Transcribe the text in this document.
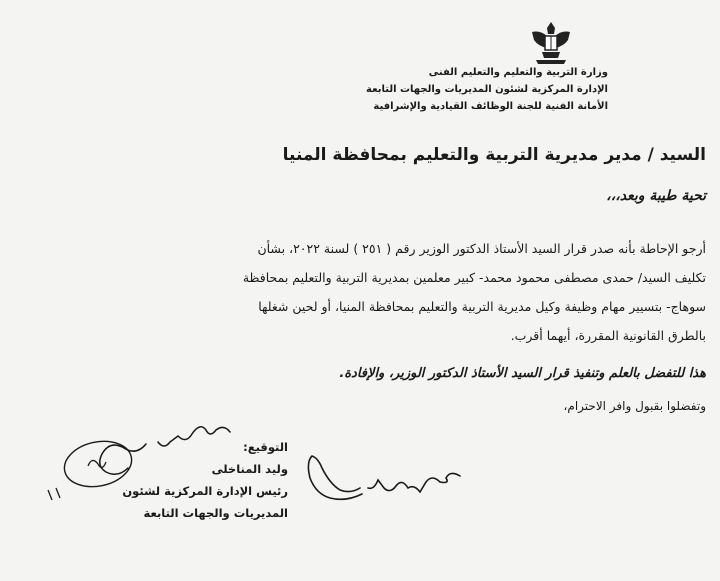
وزارة التربية والتعليم والتعليم الفنى
الإدارة المركزية لشئون المديريات والجهات التابعة
الأمانة الفنية للجنة الوظائف القيادية والإشرافية
السيد / مدير مديرية التربية والتعليم بمحافظة المنيا
تحية طيبة وبعد،،،
أرجو الإحاطة بأنه صدر قرار السيد الأستاذ الدكتور الوزير رقم ( ٢٥١ ) لسنة ٢٠٢٢، بشأن
تكليف السيد/ حمدى مصطفى محمود محمد- كبير معلمين بمديرية التربية والتعليم بمحافظة
سوهاج- بتسيير مهام وظيفة وكيل مديرية التربية والتعليم بمحافظة المنيا، أو لحين شغلها
بالطرق القانونية المقررة، أيهما أقرب.
هذا للتفضل بالعلم وتنفيذ قرار السيد الأستاذ الدكتور الوزير، والإفادة.
وتفضلوا بقبول وافر الاحترام،
التوقيع:
وليد المناخلى
رئيس الإدارة المركزية لشئون
المديريات والجهات التابعة
